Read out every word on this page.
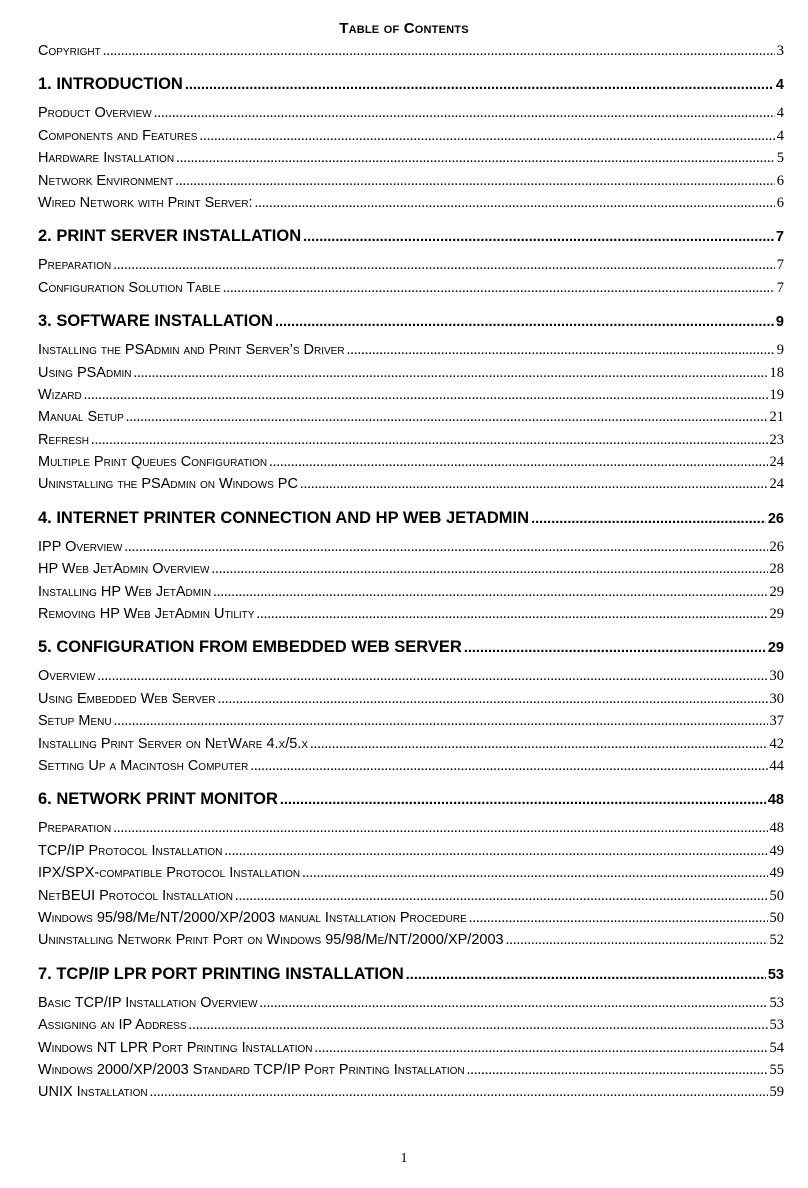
Table of Contents
Copyright .....	3
1. INTRODUCTION .....	4
Product Overview .....	4
Components and Features .....	4
Hardware Installation .....	5
Network Environment .....	6
Wired Network with Print Server: .....	6
2. PRINT SERVER INSTALLATION .....	7
Preparation .....	7
Configuration Solution Table .....	7
3. SOFTWARE INSTALLATION .....	9
Installing the PSAdmin and Print Server’s Driver .....	9
Using PSAdmin .....	18
Wizard .....	19
Manual Setup .....	21
Refresh .....	23
Multiple Print Queues Configuration .....	24
Uninstalling the PSAdmin on Windows PC .....	24
4. INTERNET PRINTER CONNECTION AND HP WEB JETADMIN .....	26
IPP Overview .....	26
HP Web JetAdmin Overview .....	28
Installing HP Web JetAdmin .....	29
Removing HP Web JetAdmin Utility .....	29
5. CONFIGURATION FROM EMBEDDED WEB SERVER .....	29
Overview .....	30
Using Embedded Web Server .....	30
Setup Menu .....	37
Installing Print Server on NetWare 4.x/5.x .....	42
Setting Up a Macintosh Computer .....	44
6. NETWORK PRINT MONITOR .....	48
Preparation .....	48
TCP/IP Protocol Installation .....	49
IPX/SPX-compatible Protocol Installation .....	49
NetBEUI Protocol Installation .....	50
Windows 95/98/Me/NT/2000/XP/2003 manual Installation Procedure .....	50
Uninstalling Network Print Port on Windows 95/98/Me/NT/2000/XP/2003 .....	52
7. TCP/IP LPR PORT PRINTING INSTALLATION .....	53
Basic TCP/IP Installation Overview .....	53
Assigning an IP Address .....	53
Windows NT LPR Port Printing Installation .....	54
Windows 2000/XP/2003 Standard TCP/IP Port Printing Installation .....	55
UNIX Installation .....	59
1
